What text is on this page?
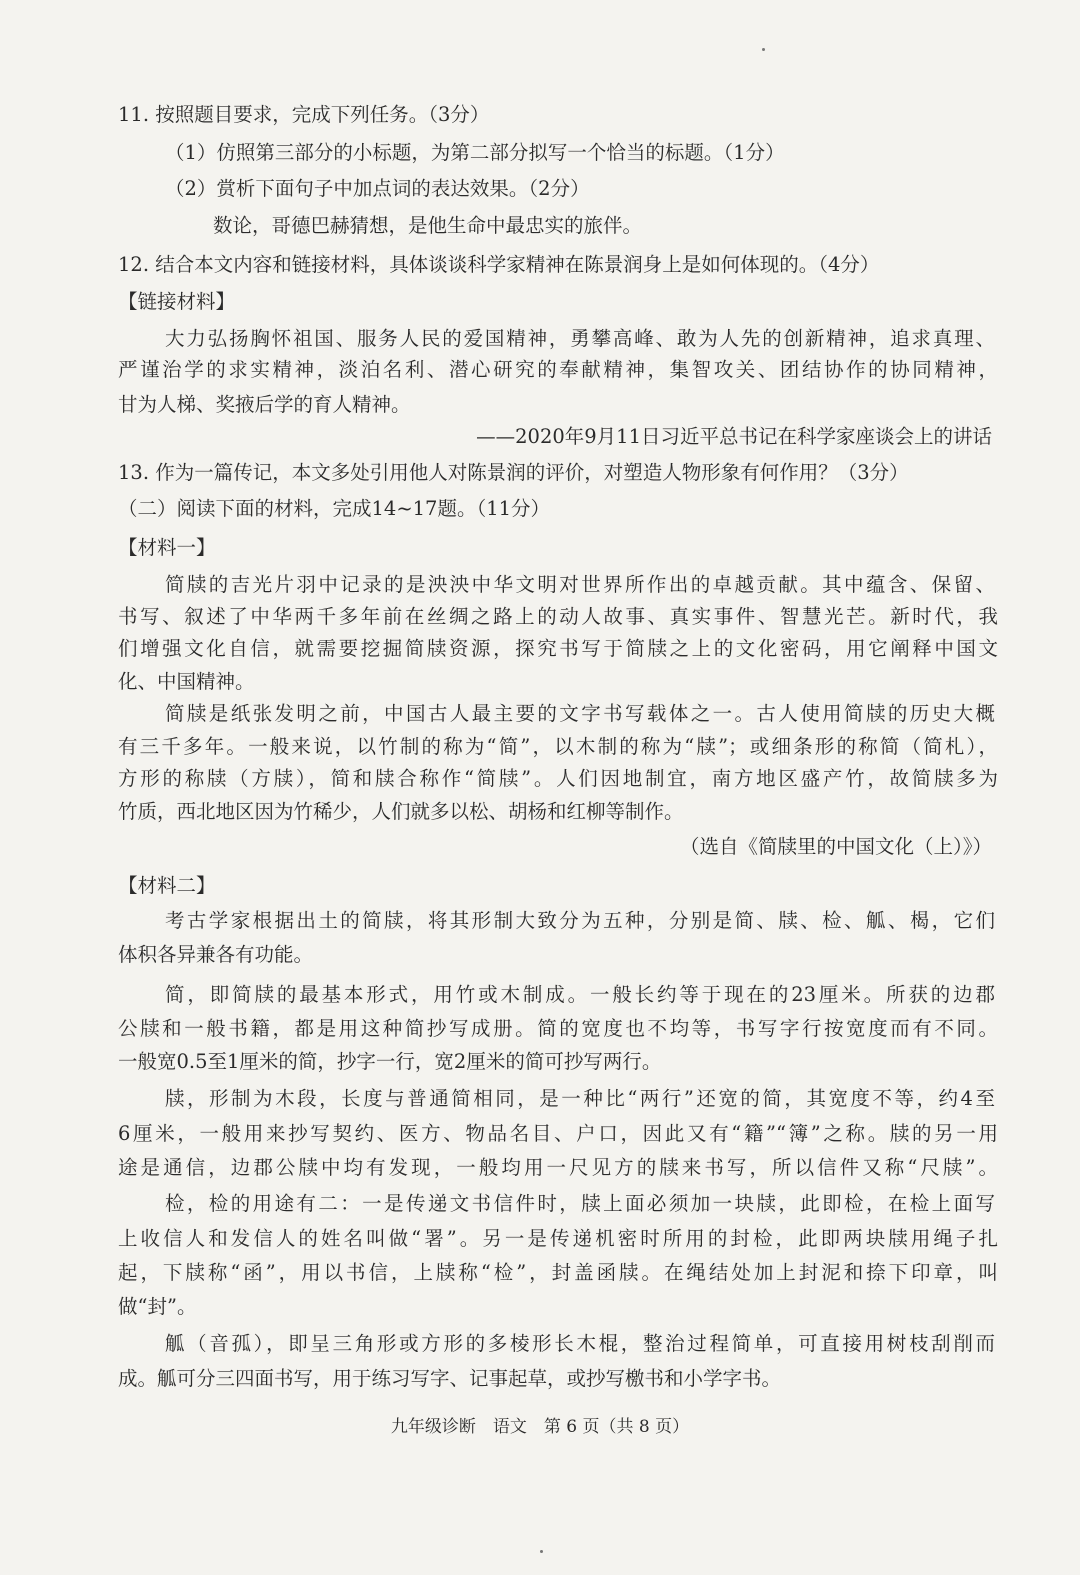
11. 按照题目要求，完成下列任务。（3分）
（1）仿照第三部分的小标题，为第二部分拟写一个恰当的标题。（1分）
（2）赏析下面句子中加点词的表达效果。（2分）
数论，哥德巴赫猜想，是他生命中最忠实的旅伴。
12. 结合本文内容和链接材料，具体谈谈科学家精神在陈景润身上是如何体现的。（4分）
【链接材料】
大力弘扬胸怀祖国、服务人民的爱国精神，勇攀高峰、敢为人先的创新精神，追求真理、
严谨治学的求实精神，淡泊名利、潜心研究的奉献精神，集智攻关、团结协作的协同精神，
甘为人梯、奖掖后学的育人精神。
——2020年9月11日习近平总书记在科学家座谈会上的讲话
13. 作为一篇传记，本文多处引用他人对陈景润的评价，对塑造人物形象有何作用？（3分）
（二）阅读下面的材料，完成14~17题。（11分）
【材料一】
简牍的吉光片羽中记录的是泱泱中华文明对世界所作出的卓越贡献。其中蕴含、保留、
书写、叙述了中华两千多年前在丝绸之路上的动人故事、真实事件、智慧光芒。新时代，我
们增强文化自信，就需要挖掘简牍资源，探究书写于简牍之上的文化密码，用它阐释中国文
化、中国精神。
简牍是纸张发明之前，中国古人最主要的文字书写载体之一。古人使用简牍的历史大概
有三千多年。一般来说，以竹制的称为“简”，以木制的称为“牍”；或细条形的称简（简札），
方形的称牍（方牍），简和牍合称作“简牍”。人们因地制宜，南方地区盛产竹，故简牍多为
竹质，西北地区因为竹稀少，人们就多以松、胡杨和红柳等制作。
（选自《简牍里的中国文化（上）》）
【材料二】
考古学家根据出土的简牍，将其形制大致分为五种，分别是简、牍、检、觚、楬，它们
体积各异兼各有功能。
简，即简牍的最基本形式，用竹或木制成。一般长约等于现在的23厘米。所获的边郡
公牍和一般书籍，都是用这种简抄写成册。简的宽度也不均等，书写字行按宽度而有不同。
一般宽0.5至1厘米的简，抄字一行，宽2厘米的简可抄写两行。
牍，形制为木段，长度与普通简相同，是一种比“两行”还宽的简，其宽度不等，约4至
6厘米，一般用来抄写契约、医方、物品名目、户口，因此又有“籍”“簿”之称。牍的另一用
途是通信，边郡公牍中均有发现，一般均用一尺见方的牍来书写，所以信件又称“尺牍”。
检，检的用途有二：一是传递文书信件时，牍上面必须加一块牍，此即检，在检上面写
上收信人和发信人的姓名叫做“署”。另一是传递机密时所用的封检，此即两块牍用绳子扎
起，下牍称“函”，用以书信，上牍称“检”，封盖函牍。在绳结处加上封泥和捺下印章，叫
做“封”。
觚（音孤），即呈三角形或方形的多棱形长木棍，整治过程简单，可直接用树枝刮削而
成。觚可分三四面书写，用于练习写字、记事起草，或抄写檄书和小学字书。
九年级诊断　语文　第 6 页（共 8 页）
